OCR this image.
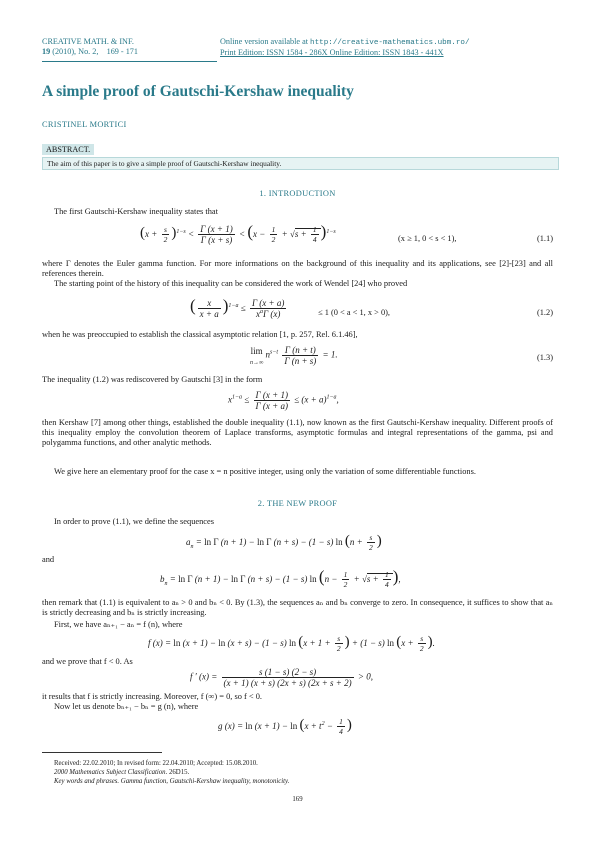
CREATIVE MATH. & INF.
19 (2010), No. 2, 169 - 171
Online version available at http://creative-mathematics.ubm.ro/
Print Edition: ISSN 1584 - 286X Online Edition: ISSN 1843 - 441X
A simple proof of Gautschi-Kershaw inequality
CRISTINEL MORTICI
ABSTRACT.
The aim of this paper is to give a simple proof of Gautschi-Kershaw inequality.
1. INTRODUCTION
The first Gautschi-Kershaw inequality states that
$(x + \frac{s}{2} )^{1-s} < \frac{\Gamma (x + 1)}{\Gamma (x + s)} < (x - \frac{1}{2} + √s + \frac{1}{4} )^{1-s}$
(x ≥ 1, 0 < s < 1),	(1.1)
where Γ denotes the Euler gamma function. For more informations on the background of this inequality and its applications, see [2]-[23] and all references therein.
The starting point of the history of this inequality can be considered the work of Wendel [24] who proved
( $\frac{x}{x + a} )^{1-a} \le \frac{\Gamma (x + a)}{x^a\Gamma (x)}$	≤ 1 (0 < a < 1, x > 0),	(1.2)
when he was preoccupied to establish the classical asymptotic relation [1, p. 257, Rel. 6.1.46],
lim
n→∞ $n^{s-t} \frac{\Gamma (n + t)}{\Gamma (n + s)} = 1$.	(1.3)
The inequality (1.2) was rediscovered by Gautschi [3] in the form
$x^{1-a} \le \frac{\Gamma (x + 1)}{\Gamma (x + a)} \le (x + a)^{1-a}$,
then Kershaw [7] among other things, established the double inequality (1.1), now known as the first Gautschi-Kershaw inequality. Different proofs of this inequality employ the convolution theorem of Laplace transforms, asymptotic formulas and integral representations of the gamma, psi and polygamma functions, and other analytic methods.
We give here an elementary proof for the case x = n positive integer, using only the variation of some differentiable functions.
2. THE NEW PROOF
In order to prove (1.1), we define the sequences
$a_n = \ln \Gamma$ (n + 1) − ln Γ (n + s) − (1 − s) $\ln (n + \frac{s}{2}$ )
and
$b_n = \ln \Gamma$ (n + 1) − ln Γ (n + s) − (1 − s) $\ln (n - \frac{1}{2} + √s + \frac{1}{4}$ ),
then remark that (1.1) is equivalent to aₙ > 0 and bₙ < 0. By (1.3), the sequences aₙ and bₙ converge to zero. In consequence, it suffices to show that aₙ is strictly decreasing and bₙ is strictly increasing.
First, we have aₙ₊₁ − aₙ = f (n), where
f (x) = ln (x + 1) − ln (x + s) − (1 − s) $\ln (x + 1 + \frac{s}{2}$ ) + (1 − s) $\ln (x + \frac{s}{2}$ ).
and we prove that f < 0. As
f ′ $(x) = \frac{s (1 - s) (2 - s)}{(x + 1) (x + s) (2x + s) (2x + s + 2)} > 0$,
it results that f is strictly increasing. Moreover, f (∞) = 0, so f < 0.
Now let us denote bₙ₊₁ − bₙ = g (n), where
g $(x) = \ln (x + 1) - \ln (x + t^2 - \frac{1}{4}$ )
Received: 22.02.2010; In revised form: 22.04.2010; Accepted: 15.08.2010.
2000 Mathematics Subject Classification. 26D15.
Key words and phrases. Gamma function, Gautschi-Kershaw inequality, monotonicity.
169
